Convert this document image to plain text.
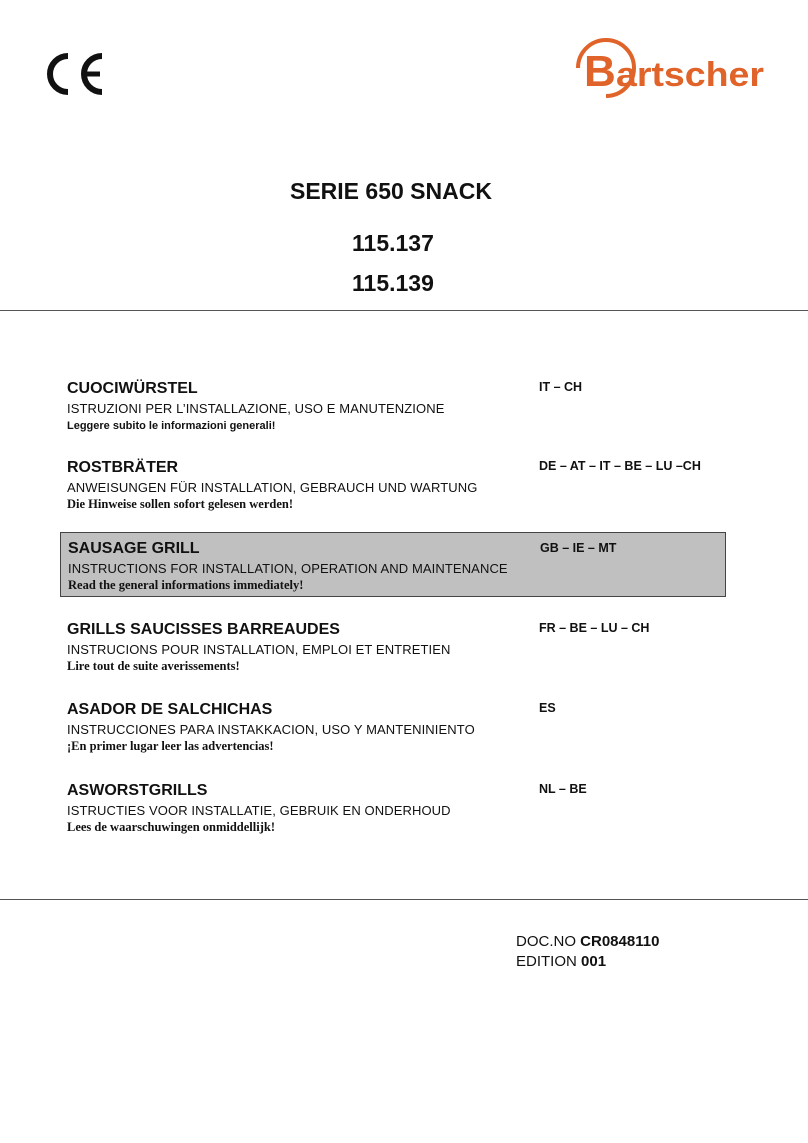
B artscher
SERIE 650 SNACK
115.137
115.139
CUOCIWÜRSTEL
ISTRUZIONI PER L’INSTALLAZIONE, USO E MANUTENZIONE
Leggere subito le informazioni generali!
IT – CH
ROSTBRÄTER
ANWEISUNGEN FÜR INSTALLATION, GEBRAUCH UND WARTUNG
Die Hinweise sollen sofort gelesen werden!
DE – AT – IT – BE – LU –CH
SAUSAGE GRILL
INSTRUCTIONS FOR INSTALLATION, OPERATION AND MAINTENANCE
Read the general informations immediately!
GB – IE – MT
GRILLS SAUCISSES BARREAUDES
INSTRUCIONS POUR INSTALLATION, EMPLOI ET ENTRETIEN
Lire tout de suite averissements!
FR – BE – LU – CH
ASADOR DE SALCHICHAS
INSTRUCCIONES PARA INSTAKKACION, USO Y MANTENINIENTO
¡En primer lugar leer las advertencias!
ES
ASWORSTGRILLS
ISTRUCTIES VOOR INSTALLATIE, GEBRUIK EN ONDERHOUD
Lees de waarschuwingen onmiddellijk!
NL – BE
DOC.NO CR0848110
EDITION 001
